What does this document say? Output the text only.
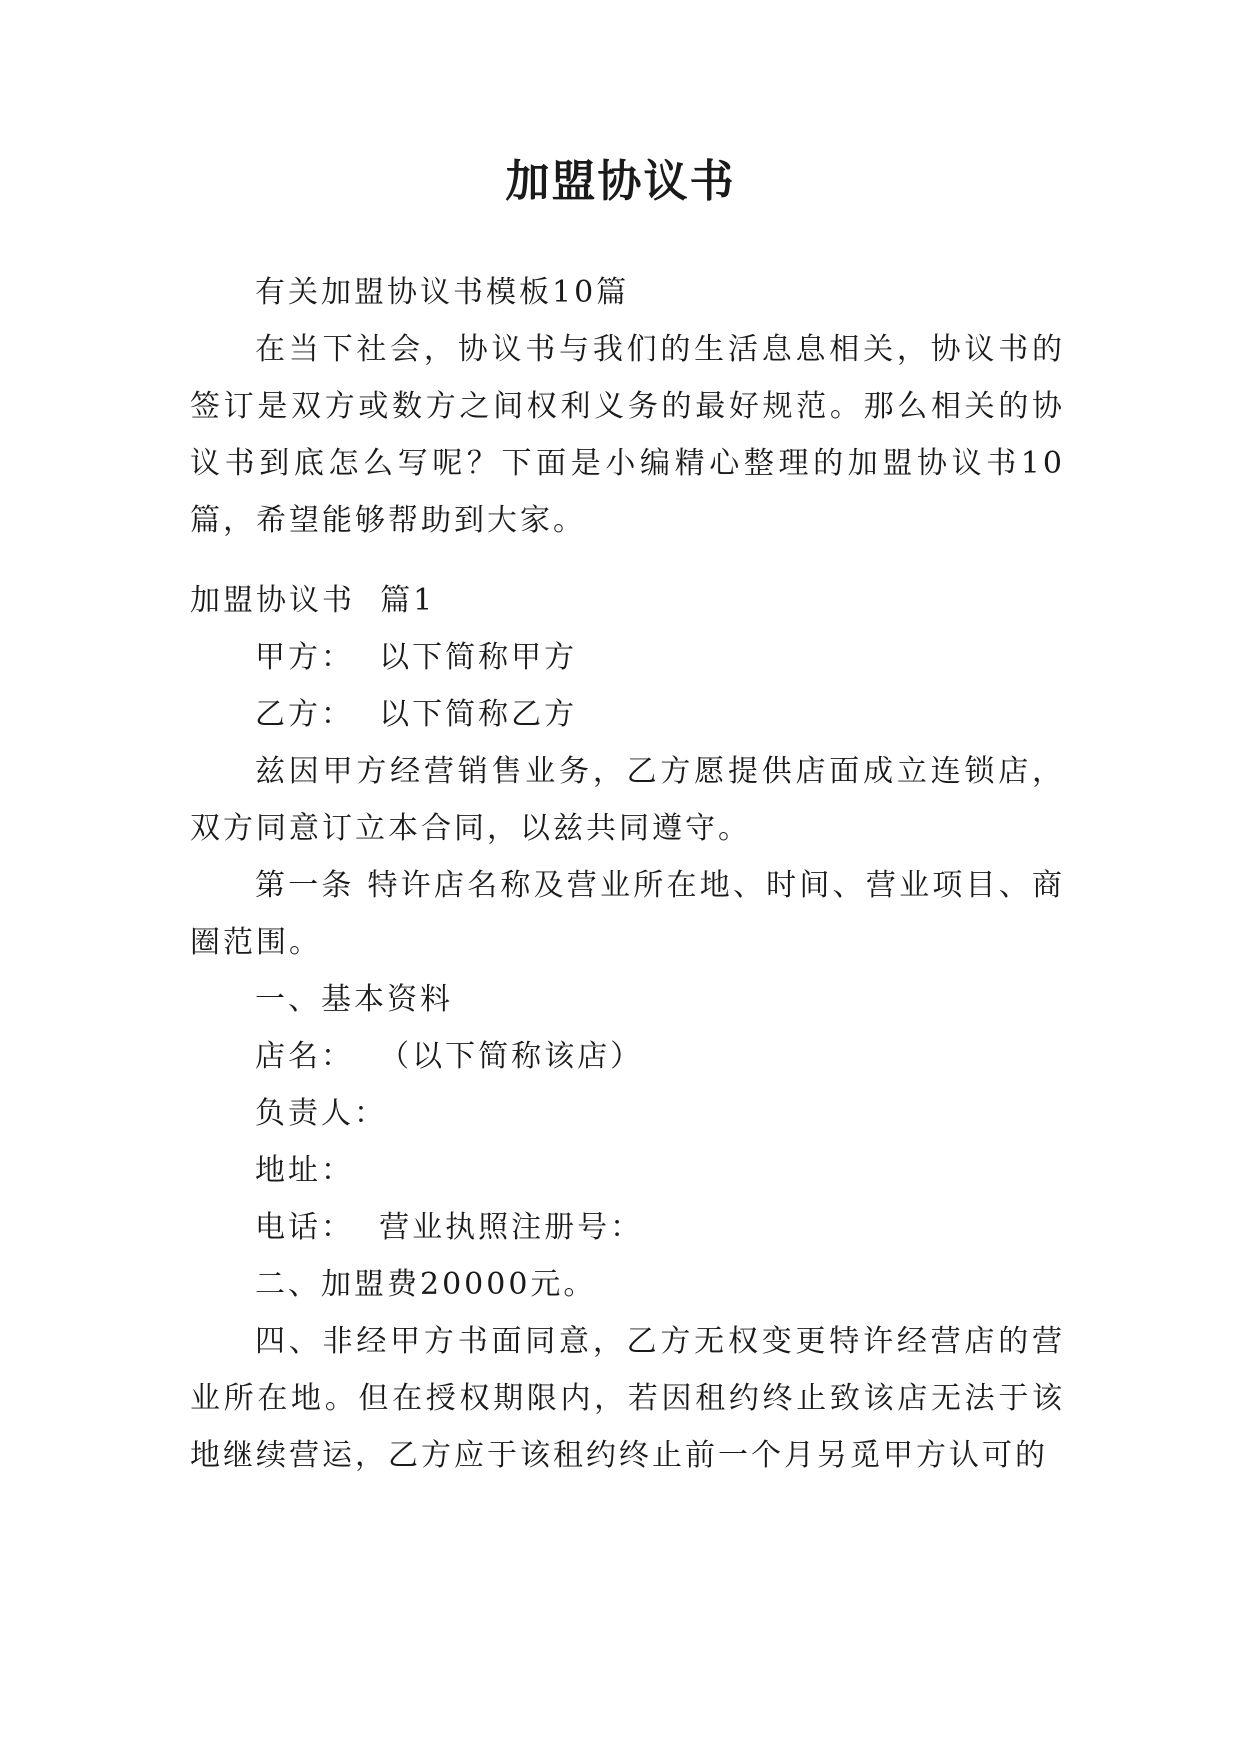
加盟协议书

有关加盟协议书模板10篇

在当下社会，协议书与我们的生活息息相关，协议书的签订是双方或数方之间权利义务的最好规范。那么相关的协议书到底怎么写呢？下面是小编精心整理的加盟协议书10篇，希望能够帮助到大家。

加盟协议书  篇1

甲方：  以下简称甲方

乙方：  以下简称乙方

兹因甲方经营销售业务，乙方愿提供店面成立连锁店，双方同意订立本合同，以兹共同遵守。

第一条 特许店名称及营业所在地、时间、营业项目、商圈范围。

一、基本资料

店名：  （以下简称该店）

负责人：

地址：

电话：  营业执照注册号：

二、加盟费20000元。

四、非经甲方书面同意，乙方无权变更特许经营店的营业所在地。但在授权期限内，若因租约终止致该店无法于该地继续营运，乙方应于该租约终止前一个月另觅甲方认可的
